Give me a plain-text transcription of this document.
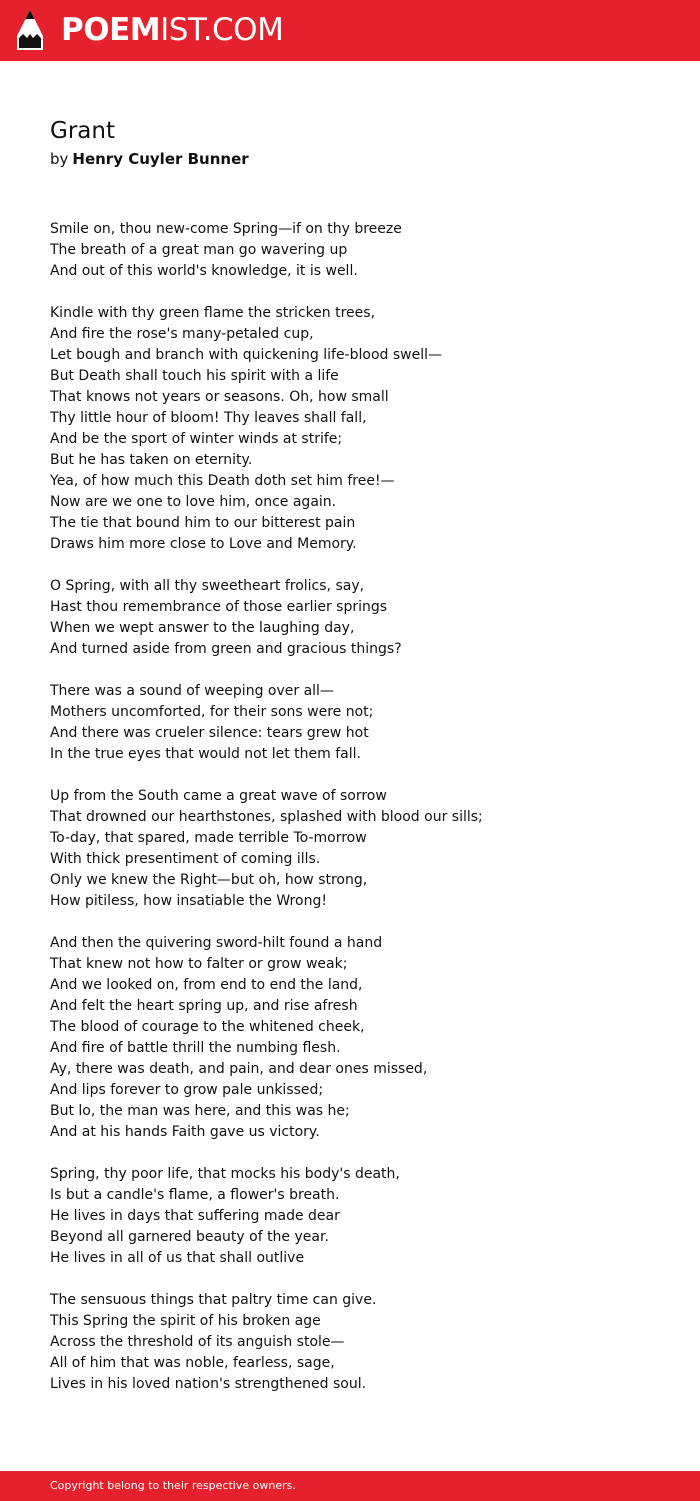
POEMIST.COM
Grant
by Henry Cuyler Bunner
Smile on, thou new-come Spring—if on thy breeze
The breath of a great man go wavering up
And out of this world's knowledge, it is well.
Kindle with thy green flame the stricken trees,
And fire the rose's many-petaled cup,
Let bough and branch with quickening life-blood swell—
But Death shall touch his spirit with a life
That knows not years or seasons. Oh, how small
Thy little hour of bloom! Thy leaves shall fall,
And be the sport of winter winds at strife;
But he has taken on eternity.
Yea, of how much this Death doth set him free!—
Now are we one to love him, once again.
The tie that bound him to our bitterest pain
Draws him more close to Love and Memory.
O Spring, with all thy sweetheart frolics, say,
Hast thou remembrance of those earlier springs
When we wept answer to the laughing day,
And turned aside from green and gracious things?
There was a sound of weeping over all—
Mothers uncomforted, for their sons were not;
And there was crueler silence: tears grew hot
In the true eyes that would not let them fall.
Up from the South came a great wave of sorrow
That drowned our hearthstones, splashed with blood our sills;
To-day, that spared, made terrible To-morrow
With thick presentiment of coming ills.
Only we knew the Right—but oh, how strong,
How pitiless, how insatiable the Wrong!
And then the quivering sword-hilt found a hand
That knew not how to falter or grow weak;
And we looked on, from end to end the land,
And felt the heart spring up, and rise afresh
The blood of courage to the whitened cheek,
And fire of battle thrill the numbing flesh.
Ay, there was death, and pain, and dear ones missed,
And lips forever to grow pale unkissed;
But lo, the man was here, and this was he;
And at his hands Faith gave us victory.
Spring, thy poor life, that mocks his body's death,
Is but a candle's flame, a flower's breath.
He lives in days that suffering made dear
Beyond all garnered beauty of the year.
He lives in all of us that shall outlive
The sensuous things that paltry time can give.
This Spring the spirit of his broken age
Across the threshold of its anguish stole—
All of him that was noble, fearless, sage,
Lives in his loved nation's strengthened soul.
Copyright belong to their respective owners.
